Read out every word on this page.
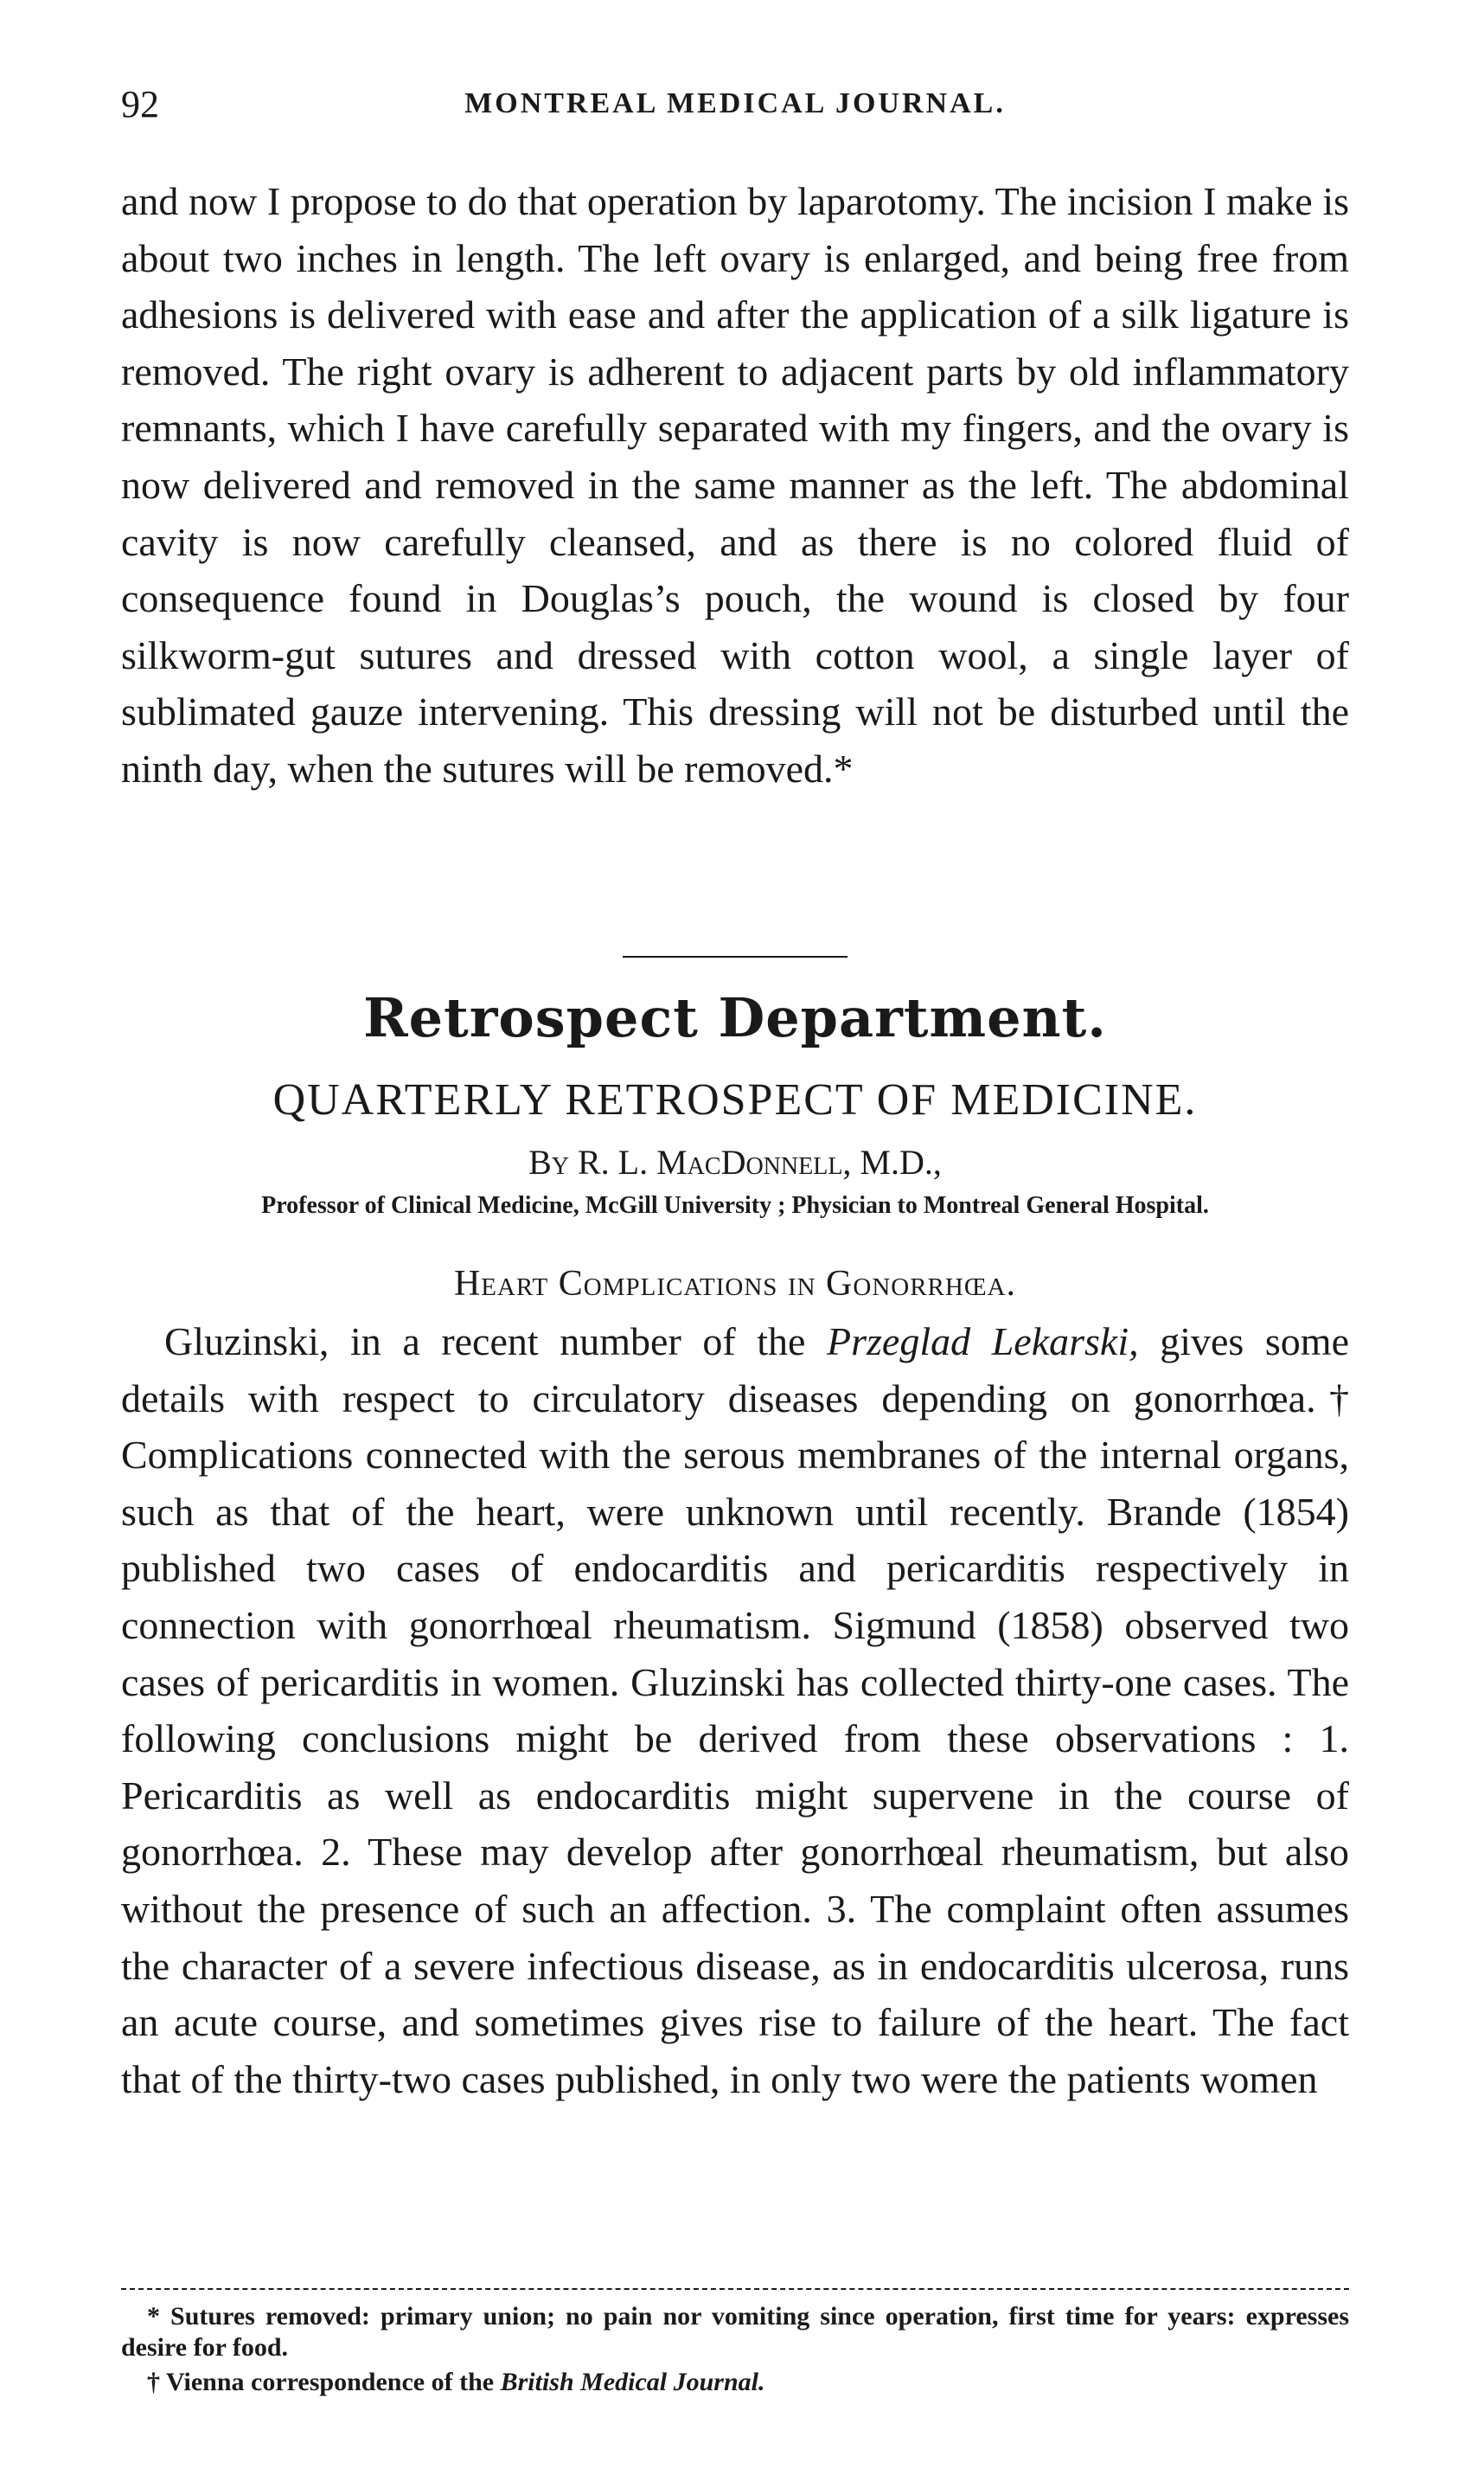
92	MONTREAL MEDICAL JOURNAL.

and now I propose to do that operation by laparotomy. The incision I make is about two inches in length. The left ovary is enlarged, and being free from adhesions is delivered with ease and after the application of a silk ligature is removed. The right ovary is adherent to adjacent parts by old inflammatory remnants, which I have carefully separated with my fingers, and the ovary is now delivered and removed in the same manner as the left. The abdominal cavity is now carefully cleansed, and as there is no colored fluid of consequence found in Douglas’s pouch, the wound is closed by four silkworm-gut sutures and dressed with cotton wool, a single layer of sublimated gauze intervening. This dressing will not be disturbed until the ninth day, when the sutures will be removed.*

Retrospect Department.
QUARTERLY RETROSPECT OF MEDICINE.
By R. L. MacDonnell, M.D.,
Professor of Clinical Medicine, McGill University ; Physician to Montreal General Hospital.
Heart Complications in Gonorrhœa.

Gluzinski, in a recent number of the Przeglad Lekarski, gives some details with respect to circulatory diseases depending on gonorrhœa.† Complications connected with the serous membranes of the internal organs, such as that of the heart, were unknown until recently. Brande (1854) published two cases of endocarditis and pericarditis respectively in connection with gonorrhœal rheumatism. Sigmund (1858) observed two cases of pericarditis in women. Gluzinski has collected thirty-one cases. The following conclusions might be derived from these observations : 1. Pericarditis as well as endocarditis might supervene in the course of gonorrhœa. 2. These may develop after gonorrhœal rheumatism, but also without the presence of such an affection. 3. The complaint often assumes the character of a severe infectious disease, as in endocarditis ulcerosa, runs an acute course, and sometimes gives rise to failure of the heart. The fact that of the thirty-two cases published, in only two were the patients women

* Sutures removed: primary union; no pain nor vomiting since operation, first time for years: expresses desire for food.

† Vienna correspondence of the British Medical Journal.
